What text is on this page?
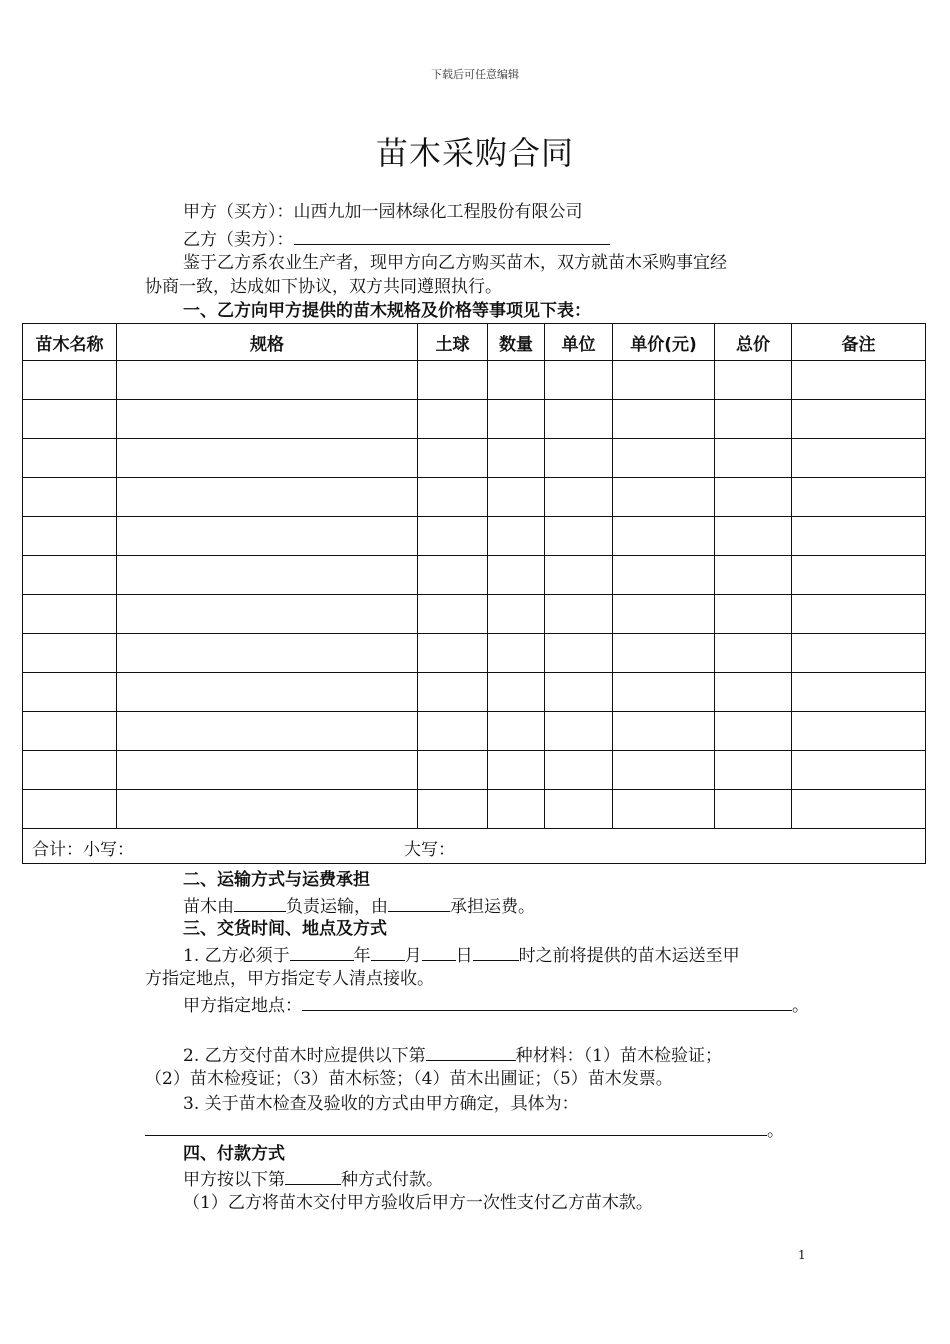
下载后可任意编辑
苗木采购合同
甲方（买方）：山西九加一园林绿化工程股份有限公司
乙方（卖方）：
鉴于乙方系农业生产者，现甲方向乙方购买苗木，双方就苗木采购事宜经
协商一致，达成如下协议，双方共同遵照执行。
一、乙方向甲方提供的苗木规格及价格等事项见下表：
苗木名称	规格	土球	数量	单位	单价(元)	总价	备注

合计：小写： 大写：							
二、运输方式与运费承担
苗木由	负责运输，由	承担运费。
三、交货时间、地点及方式
1. 乙方必须于	年 月 日	时之前将提供的苗木运送至甲
方指定地点，甲方指定专人清点接收。
甲方指定地点：	。
2. 乙方交付苗木时应提供以下第	种材料：（1）苗木检验证；
（2）苗木检疫证；（3）苗木标签；（4）苗木出圃证；（5）苗木发票。
3. 关于苗木检查及验收的方式由甲方确定，具体为：
。
四、付款方式
甲方按以下第	种方式付款。
（1）乙方将苗木交付甲方验收后甲方一次性支付乙方苗木款。
1
